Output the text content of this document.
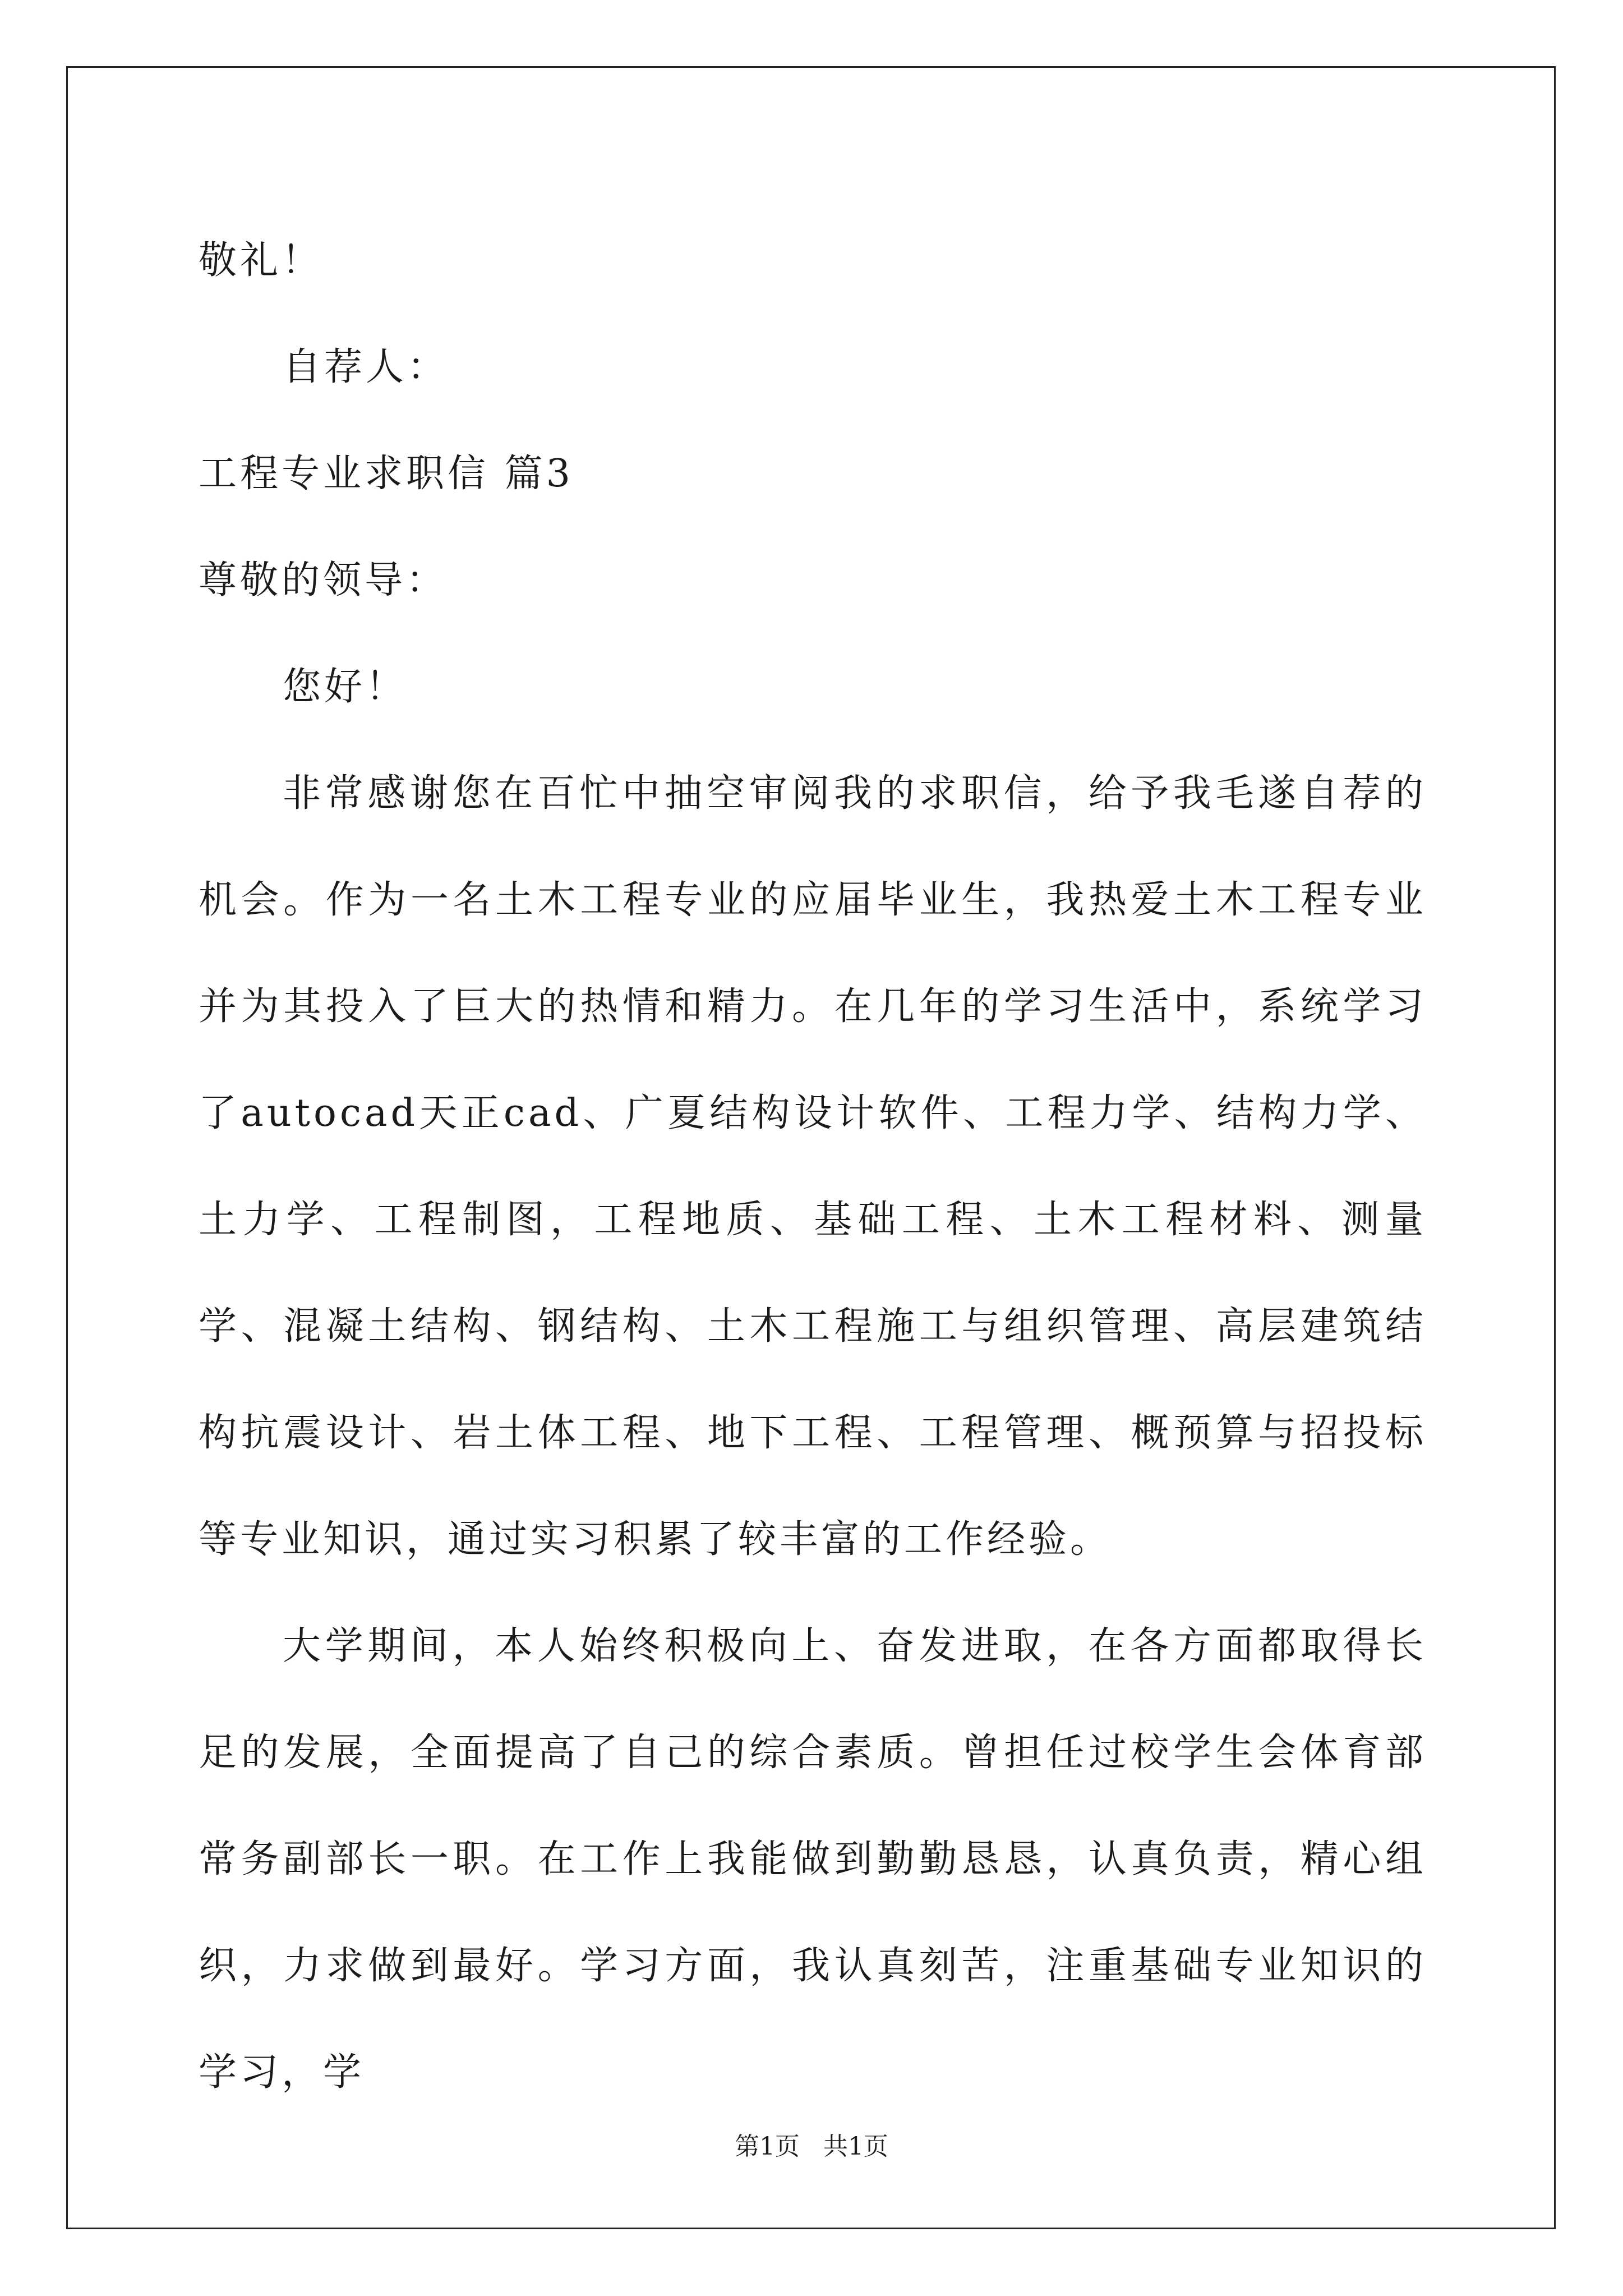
敬礼！

自荐人：

工程专业求职信 篇3

尊敬的领导：

您好！

非常感谢您在百忙中抽空审阅我的求职信，给予我毛遂自荐的机会。作为一名土木工程专业的应届毕业生，我热爱土木工程专业并为其投入了巨大的热情和精力。在几年的学习生活中，系统学习了autocad天正cad、广夏结构设计软件、工程力学、结构力学、土力学、工程制图，工程地质、基础工程、土木工程材料、测量学、混凝土结构、钢结构、土木工程施工与组织管理、高层建筑结构抗震设计、岩土体工程、地下工程、工程管理、概预算与招投标等专业知识，通过实习积累了较丰富的工作经验。

大学期间，本人始终积极向上、奋发进取，在各方面都取得长足的发展，全面提高了自己的综合素质。曾担任过校学生会体育部常务副部长一职。在工作上我能做到勤勤恳恳，认真负责，精心组织，力求做到最好。学习方面，我认真刻苦，注重基础专业知识的学习，学

第1页 共1页
